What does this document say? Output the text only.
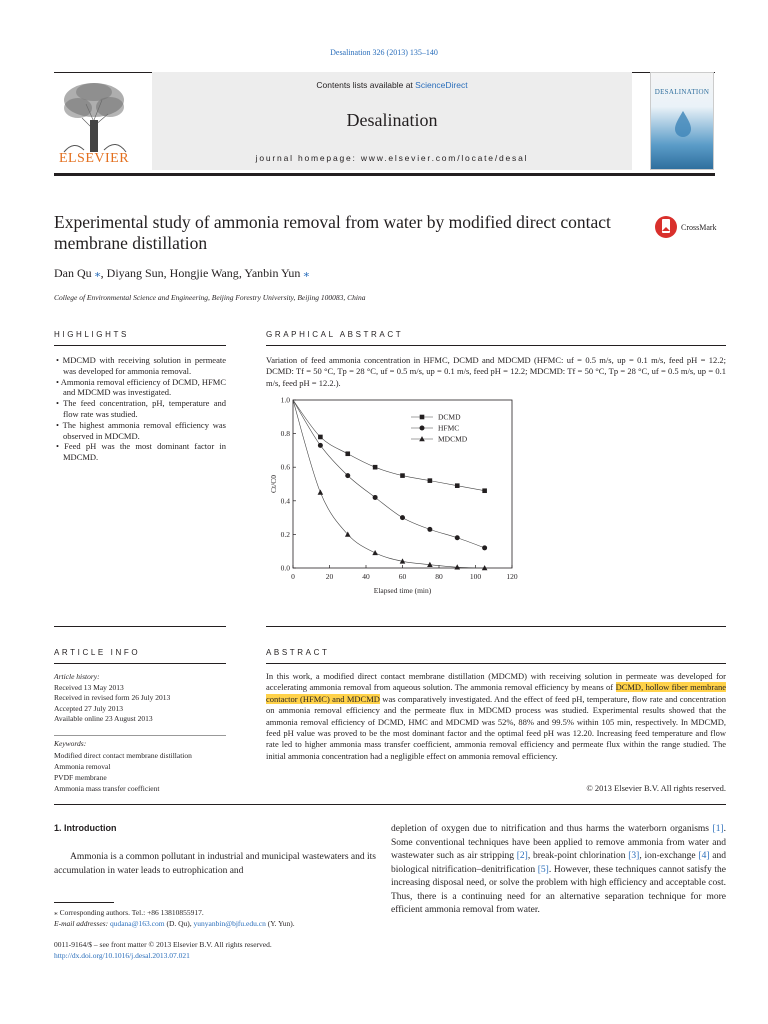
Desalination 326 (2013) 135–140
ELSEVIER
Contents lists available at ScienceDirect
Desalination
journal homepage: www.elsevier.com/locate/desal
DESALINATION
Experimental study of ammonia removal from water by modified direct contact membrane distillation
CrossMark
Dan Qu ⁎, Diyang Sun, Hongjie Wang, Yanbin Yun ⁎
College of Environmental Science and Engineering, Beijing Forestry University, Beijing 100083, China
HIGHLIGHTS	GRAPHICAL ABSTRACT
• MDCMD with receiving solution in permeate was developed for ammonia removal.
• Ammonia removal efficiency of DCMD, HFMC and MDCMD was investigated.
• The feed concentration, pH, temperature and flow rate was studied.
• The highest ammonia removal efficiency was observed in MDCMD.
• Feed pH was the most dominant factor in MDCMD.
Variation of feed ammonia concentration in HFMC, DCMD and MDCMD (HFMC: uf = 0.5 m/s, up = 0.1 m/s, feed pH = 12.2; DCMD: Tf = 50 °C, Tp = 28 °C, uf = 0.5 m/s, up = 0.1 m/s, feed pH = 12.2; MDCMD: Tf = 50 °C, Tp = 28 °C, uf = 0.5 m/s, up = 0.1 m/s, feed pH = 12.2.).
0	20	40	60	80	100	120
0.0
0.2
0.4
0.6
0.8
1.0
Elapsed time (min)
Ct/C0
DCMD
HFMC
MDCMD
ARTICLE INFO	ABSTRACT
Article history:
Received 13 May 2013
Received in revised form 26 July 2013
Accepted 27 July 2013
Available online 23 August 2013
Keywords:
Modified direct contact membrane distillation
Ammonia removal
PVDF membrane
Ammonia mass transfer coefficient
In this work, a modified direct contact membrane distillation (MDCMD) with receiving solution in permeate was developed for accelerating ammonia removal from aqueous solution. The ammonia removal efficiency by means of DCMD, hollow fiber membrane contactor (HFMC) and MDCMD was comparatively investigated. And the effect of feed pH, temperature, flow rate and concentration on ammonia removal efficiency and the permeate flux in MDCMD process was studied. Experimental results showed that the ammonia removal efficiency of DCMD, HMC and MDCMD was 52%, 88% and 99.5% within 105 min, respectively. In MDCMD, feed pH value was proved to be the most dominant factor and the optimal feed pH was 12.20. Increasing feed temperature and flow rate led to higher ammonia mass transfer coefficient, ammonia removal efficiency and permeate flux within the range studied. The initial ammonia concentration had a negligible effect on ammonia removal efficiency.
© 2013 Elsevier B.V. All rights reserved.
1. Introduction
Ammonia is a common pollutant in industrial and municipal wastewaters and its accumulation in water leads to eutrophication and
depletion of oxygen due to nitrification and thus harms the waterborn organisms [1]. Some conventional techniques have been applied to remove ammonia from water and wastewater such as air stripping [2], break-point chlorination [3], ion-exchange [4] and biological nitrification–denitrification [5]. However, these techniques cannot satisfy the increasing disposal need, or solve the problem with high efficiency and acceptable cost. Thus, there is a continuing need for an alternative separation technique for more efficient ammonia removal from water.
⁎ Corresponding authors. Tel.: +86 13810855917.
E-mail addresses: qudana@163.com (D. Qu), yunyanbin@bjfu.edu.cn (Y. Yun).
0011-9164/$ – see front matter © 2013 Elsevier B.V. All rights reserved.
http://dx.doi.org/10.1016/j.desal.2013.07.021
